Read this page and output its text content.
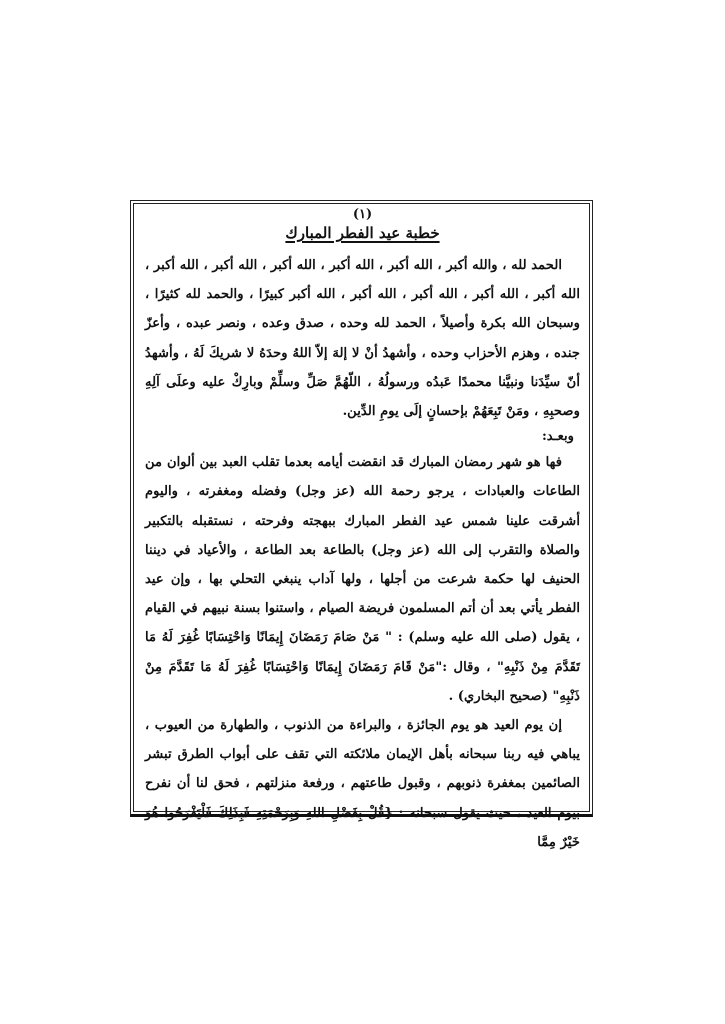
(١)

خطبة عيد الفطر المبارك

الحمد لله ، والله أكبر ، الله أكبر ، الله أكبر ، الله أكبر ، الله أكبر ، الله أكبر ، الله أكبر ، الله أكبر ، الله أكبر ، الله أكبر ، الله أكبر كبيرًا ، والحمد لله كثيرًا ، وسبحان الله بكرة وأصيلاً ، الحمد لله وحده ، صدق وعده ، ونصر عبده ، وأعزّ جنده ، وهزم الأحزاب وحده ، وأشهدُ أنْ لا إلهَ إلاّ اللهُ وحدَهُ لا شريكَ لَهُ ، وأشهدُ أنّ سيِّدَنا ونبيَّنا محمدًا عَبدُه ورسولُهُ ، اللّهُمَّ صَلِّ وسلِّمْ وبارِكْ عليه وعلَى آلِهِ وصحبِهِ ، ومَنْ تَبِعَهُمْ بإحسانٍ إلَى يومِ الدِّين.

وبعـد:

فها هو شهر رمضان المبارك قد انقضت أيامه بعدما تقلب العبد بين ألوان من الطاعات والعبادات ، يرجو رحمة الله (عز وجل) وفضله ومغفرته ، واليوم أشرقت علينا شمس عيد الفطر المبارك ببهجته وفرحته ، نستقبله بالتكبير والصلاة والتقرب إلى الله (عز وجل) بالطاعة بعد الطاعة ، والأعياد في ديننا الحنيف لها حكمة شرعت من أجلها ، ولها آداب ينبغي التحلي بها ، وإن عيد الفطر يأتي بعد أن أتم المسلمون فريضة الصيام ، واستنوا بسنة نبيهم في القيام ، يقول (صلى الله عليه وسلم) : " مَنْ صَامَ رَمَضَانَ إِيمَانًا وَاحْتِسَابًا غُفِرَ لَهُ مَا تَقَدَّمَ مِنْ ذَنْبِهِ" ، وقال :"مَنْ قَامَ رَمَضَانَ إِيمَانًا وَاحْتِسَابًا غُفِرَ لَهُ مَا تَقَدَّمَ مِنْ ذَنْبِهِ" (صحيح البخاري) .

إن يوم العيد هو يوم الجائزة ، والبراءة من الذنوب ، والطهارة من العيوب ، يباهي فيه ربنا سبحانه بأهل الإيمان ملائكته التي تقف على أبواب الطرق تبشر الصائمين بمغفرة ذنوبهم ، وقبول طاعتهم ، ورفعة منزلتهم ، فحق لنا أن نفرح بيوم العيد ، حيث يقول سبحانه : {قُلْ بِفَضْلِ اللهِ وَبِرَحْمَتِهِ فَبِذَلِكَ فَلْيَفْرَحُوا هُوَ خَيْرٌ مِمَّا
